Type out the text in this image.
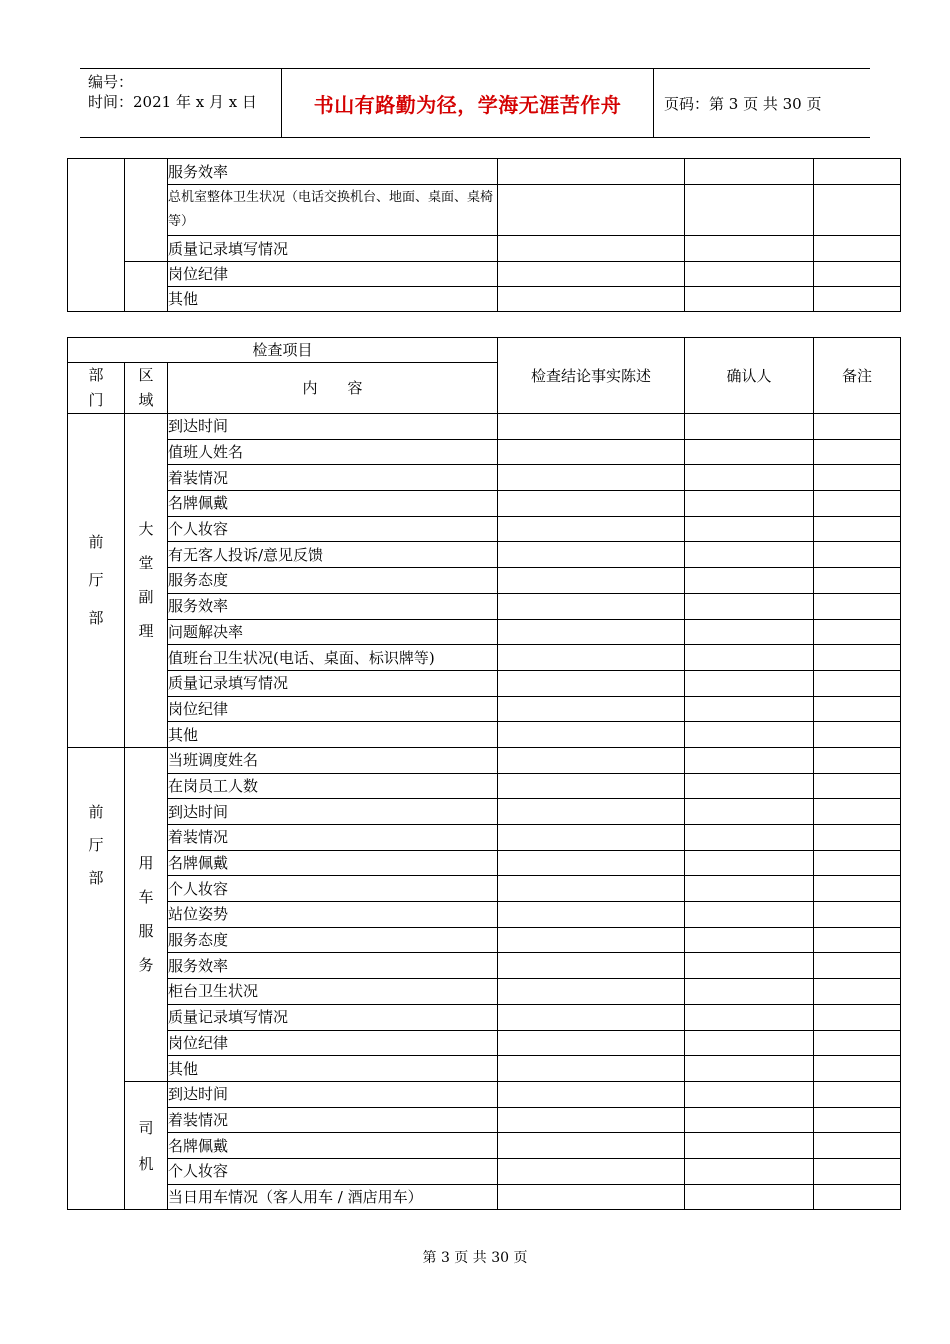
编号：
时间：2021 年 x 月 x 日	书山有路勤为径，学海无涯苦作舟	页码：第 3 页 共 30 页
		服务效率			
		总机室整体卫生状况（电话交换机台、地面、桌面、桌椅等）			
		质量记录填写情况			
		岗位纪律			
		其他			
检查项目			检查结论事实陈述	确认人	备注

部门	区域	内　　容			

前
厅
部	大
堂
副
理	到达时间			
		值班人姓名			
		着装情况			
		名牌佩戴			
		个人妆容			
		有无客人投诉/意见反馈			
		服务态度			
		服务效率			
		问题解决率			
		值班台卫生状况(电话、桌面、标识牌等)			
		质量记录填写情况			
		岗位纪律			
		其他			

前
厅
部	用
车
服
务	当班调度姓名			
		在岗员工人数			
		到达时间			
		着装情况			
		名牌佩戴			
		个人妆容			
		站位姿势			
		服务态度			
		服务效率			
		柜台卫生状况			
		质量记录填写情况			
		岗位纪律			
		其他			

	司
机	到达时间			
		着装情况			
		名牌佩戴			
		个人妆容			
		当日用车情况（客人用车 / 酒店用车）			
第 3 页 共 30 页
